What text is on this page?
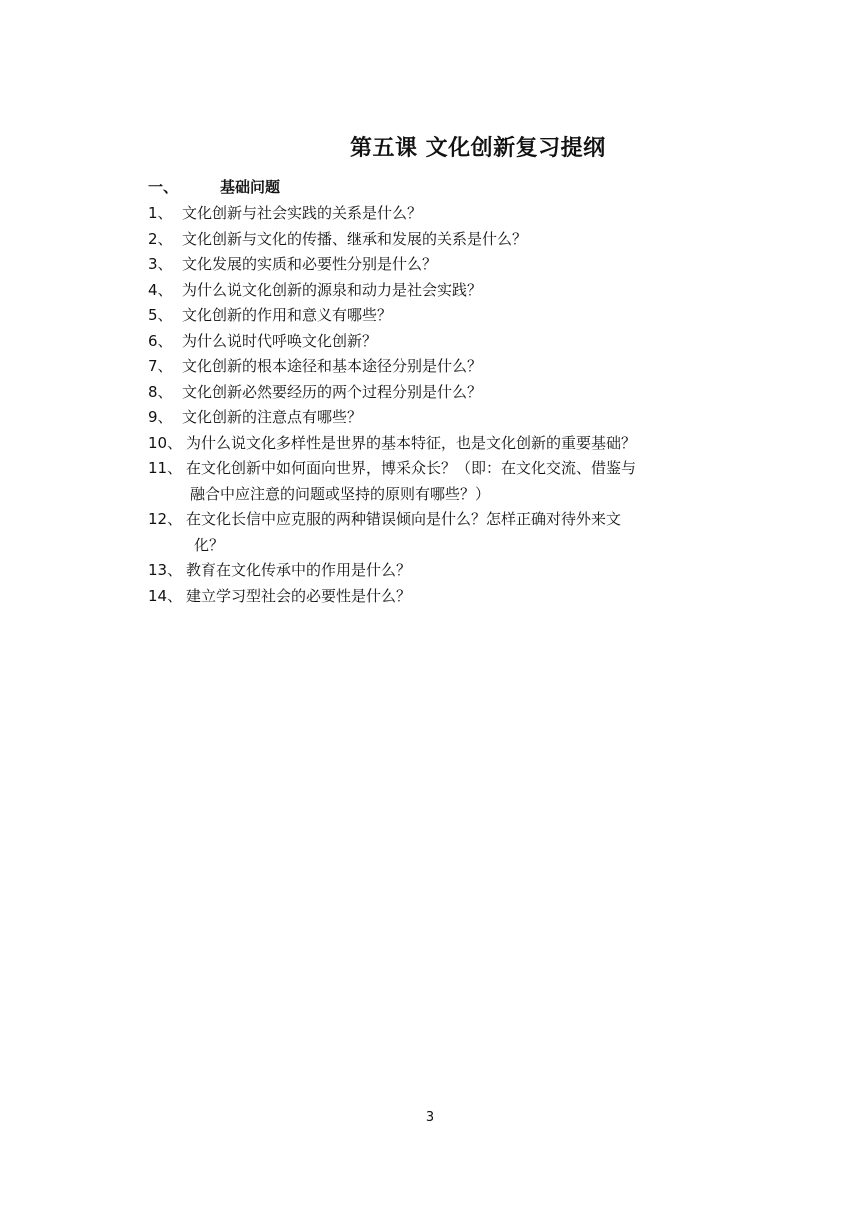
第五课 文化创新复习提纲
一、	基础问题
1、 文化创新与社会实践的关系是什么？
2、 文化创新与文化的传播、继承和发展的关系是什么？
3、 文化发展的实质和必要性分别是什么？
4、 为什么说文化创新的源泉和动力是社会实践？
5、 文化创新的作用和意义有哪些？
6、 为什么说时代呼唤文化创新？
7、 文化创新的根本途径和基本途径分别是什么？
8、 文化创新必然要经历的两个过程分别是什么？
9、 文化创新的注意点有哪些？
10、 为什么说文化多样性是世界的基本特征，也是文化创新的重要基础？
11、 在文化创新中如何面向世界，博采众长？（即：在文化交流、借鉴与
融合中应注意的问题或坚持的原则有哪些？）
12、 在文化长信中应克服的两种错误倾向是什么？怎样正确对待外来文
化？
13、 教育在文化传承中的作用是什么？
14、 建立学习型社会的必要性是什么？
3
